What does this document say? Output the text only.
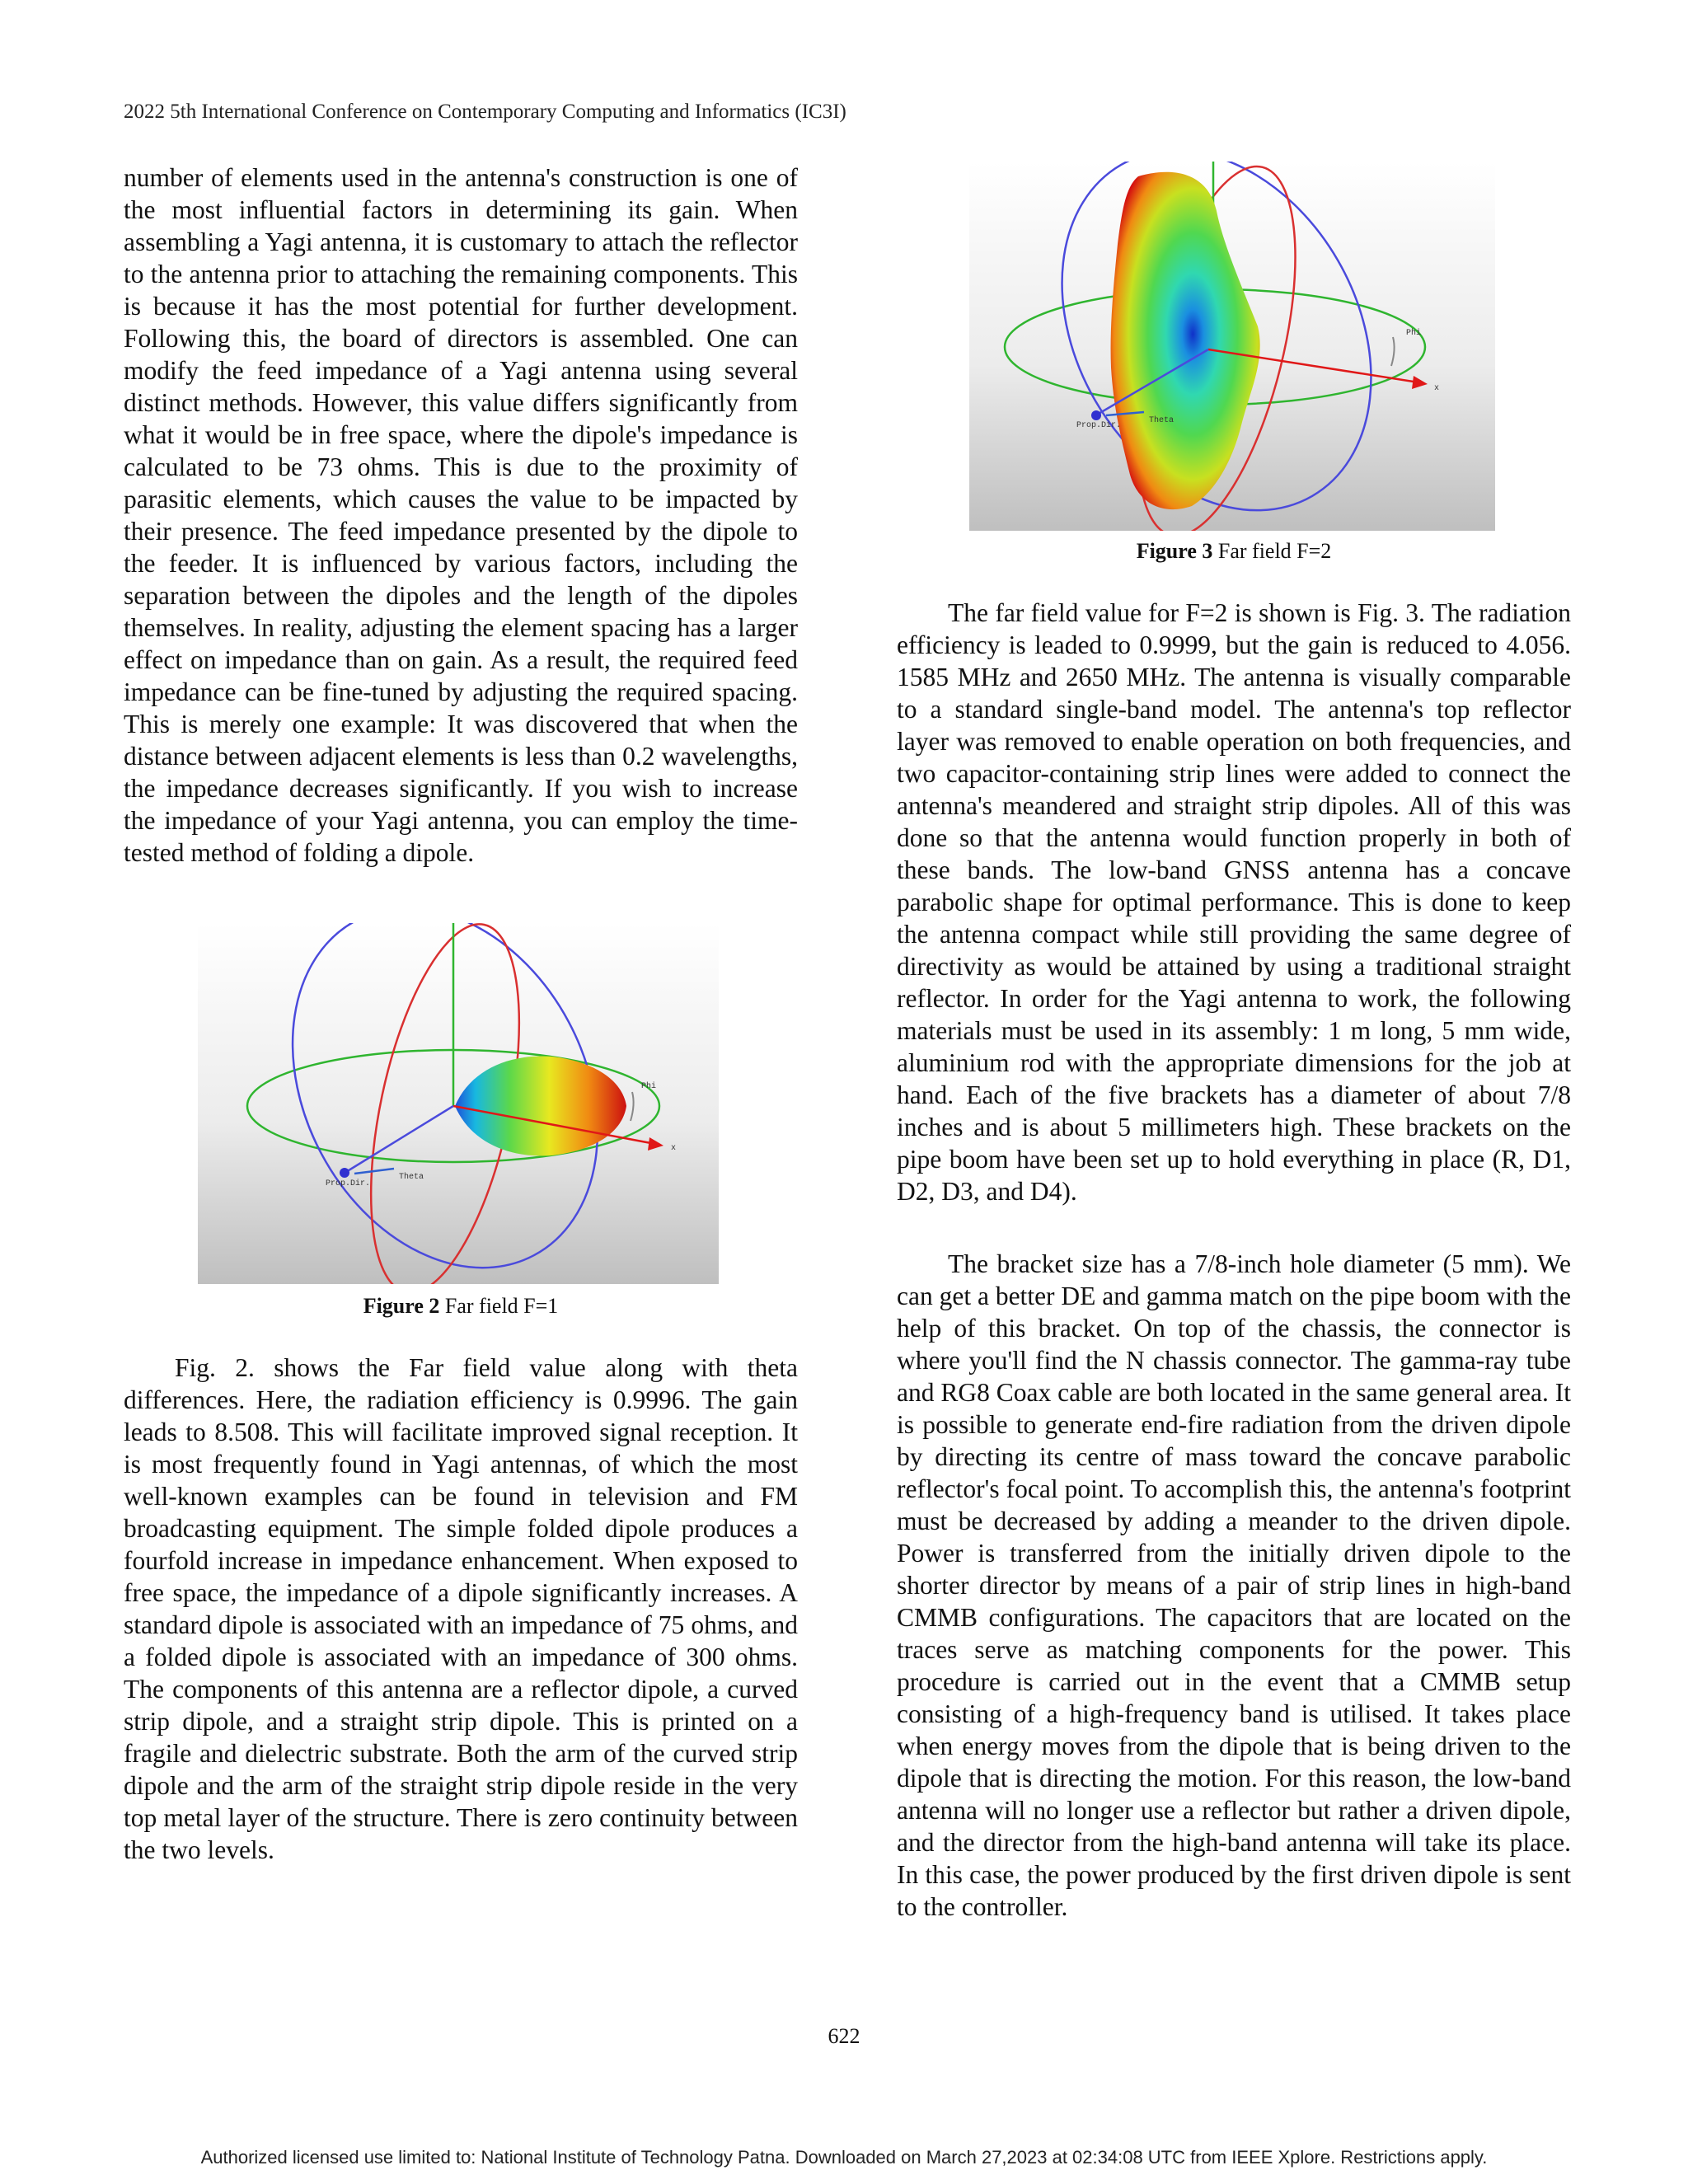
2022 5th International Conference on Contemporary Computing and Informatics (IC3I)

number of elements used in the antenna's construction is one of the most influential factors in determining its gain. When assembling a Yagi antenna, it is customary to attach the reflector to the antenna prior to attaching the remaining components. This is because it has the most potential for further development. Following this, the board of directors is assembled. One can modify the feed impedance of a Yagi antenna using several distinct methods. However, this value differs significantly from what it would be in free space, where the dipole's impedance is calculated to be 73 ohms. This is due to the proximity of parasitic elements, which causes the value to be impacted by their presence. The feed impedance presented by the dipole to the feeder. It is influenced by various factors, including the separation between the dipoles and the length of the dipoles themselves. In reality, adjusting the element spacing has a larger effect on impedance than on gain. As a result, the required feed impedance can be fine-tuned by adjusting the required spacing. This is merely one example: It was discovered that when the distance between adjacent elements is less than 0.2 wavelengths, the impedance decreases significantly. If you wish to increase the impedance of your Yagi antenna, you can employ the time-tested method of folding a dipole.

Phi
x
Prop.Dir.
Theta
Figure 2 Far field F=1

Fig. 2. shows the Far field value along with theta differences. Here, the radiation efficiency is 0.9996. The gain leads to 8.508. This will facilitate improved signal reception. It is most frequently found in Yagi antennas, of which the most well-known examples can be found in television and FM broadcasting equipment. The simple folded dipole produces a fourfold increase in impedance enhancement. When exposed to free space, the impedance of a dipole significantly increases. A standard dipole is associated with an impedance of 75 ohms, and a folded dipole is associated with an impedance of 300 ohms. The components of this antenna are a reflector dipole, a curved strip dipole, and a straight strip dipole. This is printed on a fragile and dielectric substrate. Both the arm of the curved strip dipole and the arm of the straight strip dipole reside in the very top metal layer of the structure. There is zero continuity between the two levels.

Phi
x
Prop.Dir.
Theta
Figure 3 Far field F=2

The far field value for F=2 is shown is Fig. 3. The radiation efficiency is leaded to 0.9999, but the gain is reduced to 4.056. 1585 MHz and 2650 MHz. The antenna is visually comparable to a standard single-band model. The antenna's top reflector layer was removed to enable operation on both frequencies, and two capacitor-containing strip lines were added to connect the antenna's meandered and straight strip dipoles. All of this was done so that the antenna would function properly in both of these bands. The low-band GNSS antenna has a concave parabolic shape for optimal performance. This is done to keep the antenna compact while still providing the same degree of directivity as would be attained by using a traditional straight reflector. In order for the Yagi antenna to work, the following materials must be used in its assembly: 1 m long, 5 mm wide, aluminium rod with the appropriate dimensions for the job at hand. Each of the five brackets has a diameter of about 7/8 inches and is about 5 millimeters high. These brackets on the pipe boom have been set up to hold everything in place (R, D1, D2, D3, and D4).

The bracket size has a 7/8-inch hole diameter (5 mm). We can get a better DE and gamma match on the pipe boom with the help of this bracket. On top of the chassis, the connector is where you'll find the N chassis connector. The gamma-ray tube and RG8 Coax cable are both located in the same general area. It is possible to generate end-fire radiation from the driven dipole by directing its centre of mass toward the concave parabolic reflector's focal point. To accomplish this, the antenna's footprint must be decreased by adding a meander to the driven dipole. Power is transferred from the initially driven dipole to the shorter director by means of a pair of strip lines in high-band CMMB configurations. The capacitors that are located on the traces serve as matching components for the power. This procedure is carried out in the event that a CMMB setup consisting of a high-frequency band is utilised. It takes place when energy moves from the dipole that is being driven to the dipole that is directing the motion. For this reason, the low-band antenna will no longer use a reflector but rather a driven dipole, and the director from the high-band antenna will take its place. In this case, the power produced by the first driven dipole is sent to the controller.

622
Authorized licensed use limited to: National Institute of Technology Patna. Downloaded on March 27,2023 at 02:34:08 UTC from IEEE Xplore. Restrictions apply.
